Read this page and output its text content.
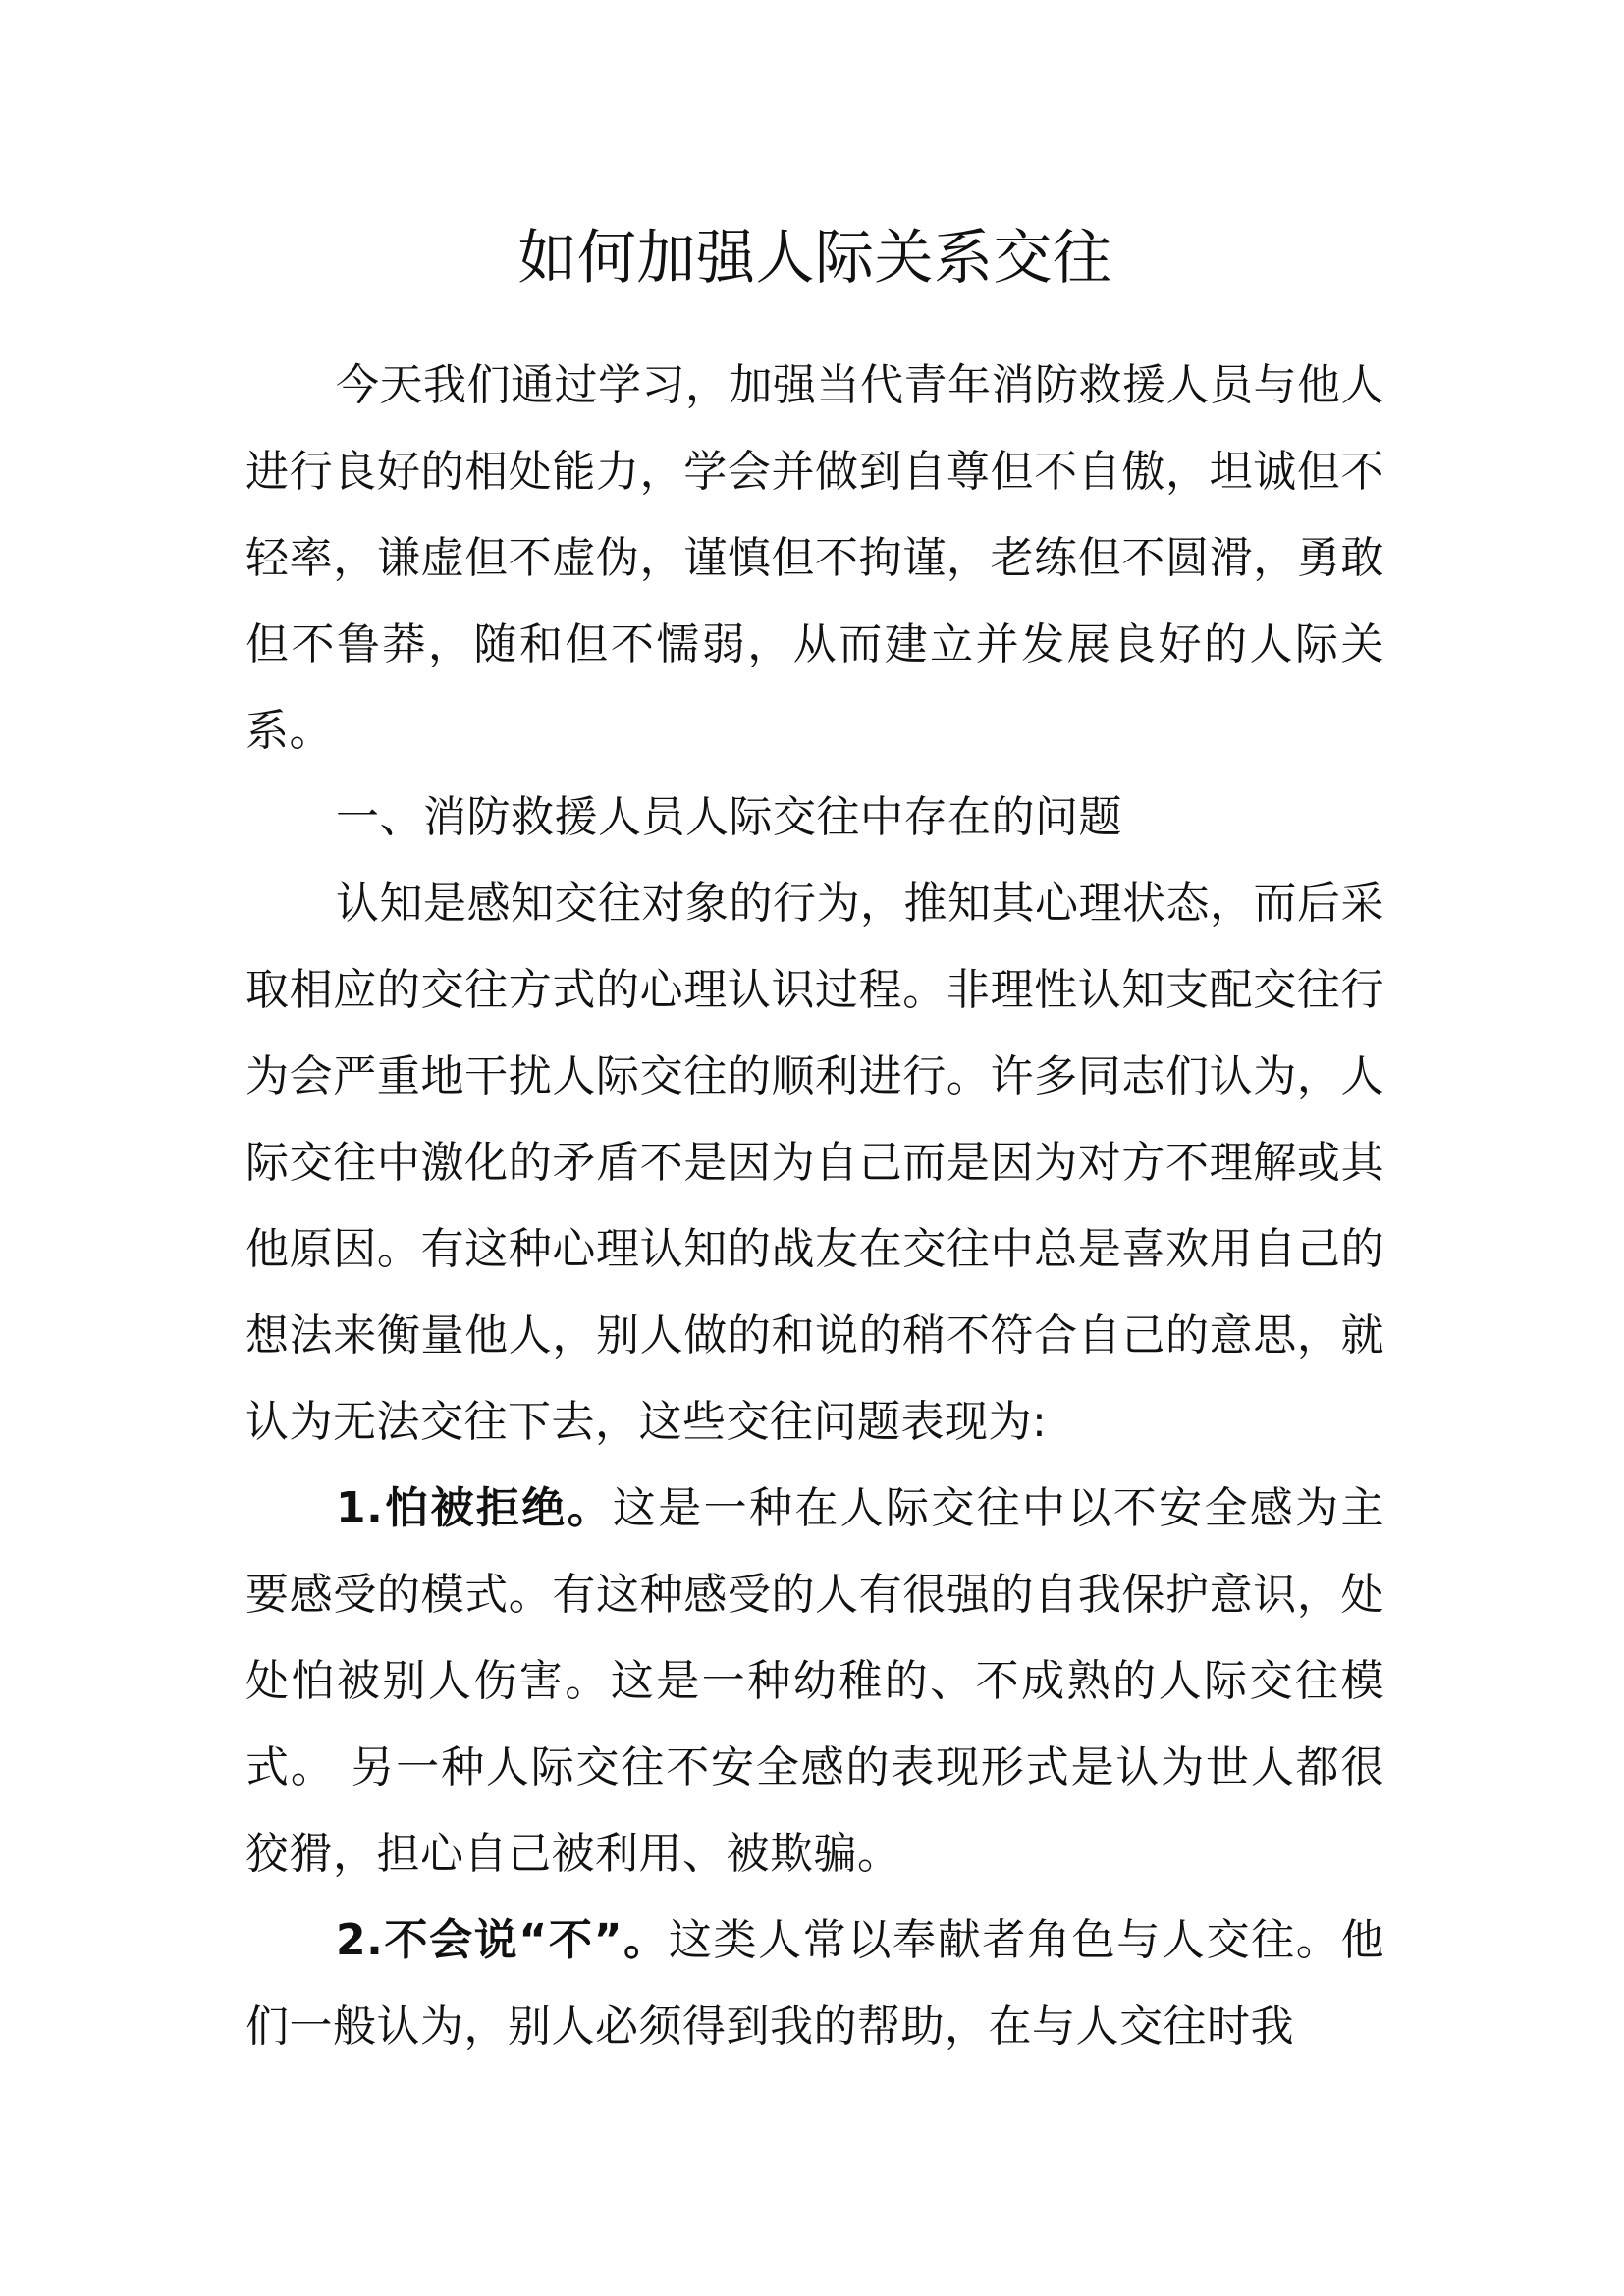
如何加强人际关系交往

今天我们通过学习，加强当代青年消防救援人员与他人进行良好的相处能力，学会并做到自尊但不自傲，坦诚但不轻率，谦虚但不虚伪，谨慎但不拘谨，老练但不圆滑，勇敢但不鲁莽，随和但不懦弱，从而建立并发展良好的人际关系。

一、消防救援人员人际交往中存在的问题

认知是感知交往对象的行为，推知其心理状态，而后采取相应的交往方式的心理认识过程。非理性认知支配交往行为会严重地干扰人际交往的顺利进行。许多同志们认为，人际交往中激化的矛盾不是因为自己而是因为对方不理解或其他原因。有这种心理认知的战友在交往中总是喜欢用自己的想法来衡量他人，别人做的和说的稍不符合自己的意思，就认为无法交往下去，这些交往问题表现为:

1.怕被拒绝。这是一种在人际交往中以不安全感为主要感受的模式。有这种感受的人有很强的自我保护意识，处处怕被别人伤害。这是一种幼稚的、不成熟的人际交往模式。 另一种人际交往不安全感的表现形式是认为世人都很狡猾，担心自己被利用、被欺骗。

2.不会说“不”。这类人常以奉献者角色与人交往。他们一般认为，别人必须得到我的帮助，在与人交往时我
